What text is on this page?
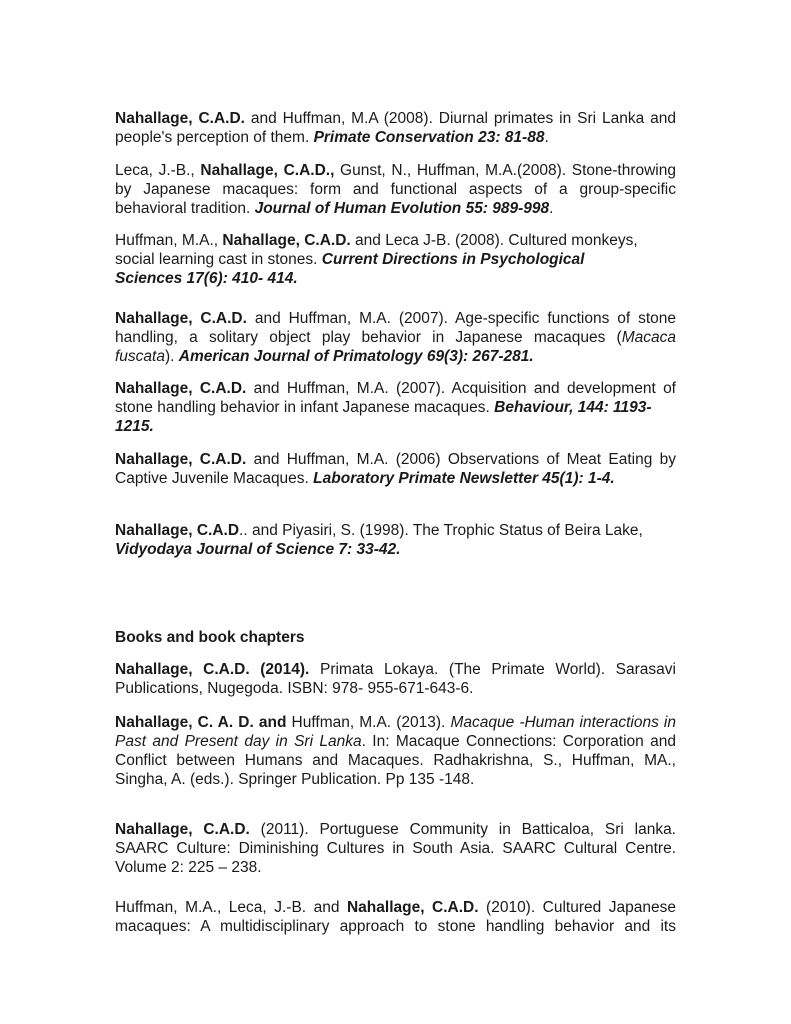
Nahallage, C.A.D. and Huffman, M.A (2008). Diurnal primates in Sri Lanka and people's perception of them. Primate Conservation 23: 81-88.

Leca, J.-B., Nahallage, C.A.D., Gunst, N., Huffman, M.A.(2008). Stone-throwing by Japanese macaques: form and functional aspects of a group-specific behavioral tradition. Journal of Human Evolution 55: 989-998.

Huffman, M.A., Nahallage, C.A.D. and Leca J-B. (2008). Cultured monkeys, social learning cast in stones. Current Directions in Psychological
Sciences 17(6): 410- 414.

Nahallage, C.A.D. and Huffman, M.A. (2007). Age-specific functions of stone handling, a solitary object play behavior in Japanese macaques (Macaca fuscata). American Journal of Primatology 69(3): 267-281.

Nahallage, C.A.D. and Huffman, M.A. (2007). Acquisition and development of stone handling behavior in infant Japanese macaques. Behaviour, 144: 1193-
1215.

Nahallage, C.A.D. and Huffman, M.A. (2006) Observations of Meat Eating by Captive Juvenile Macaques. Laboratory Primate Newsletter 45(1): 1-4.

Nahallage, C.A.D.. and Piyasiri, S. (1998). The Trophic Status of Beira Lake, Vidyodaya Journal of Science 7: 33-42.

Books and book chapters

Nahallage, C.A.D. (2014). Primata Lokaya. (The Primate World). Sarasavi Publications, Nugegoda. ISBN: 978- 955-671-643-6.

Nahallage, C. A. D. and Huffman, M.A. (2013). Macaque -Human interactions in Past and Present day in Sri Lanka. In: Macaque Connections: Corporation and Conflict between Humans and Macaques. Radhakrishna, S., Huffman, MA., Singha, A. (eds.). Springer Publication. Pp 135 -148.

Nahallage, C.A.D. (2011). Portuguese Community in Batticaloa, Sri lanka. SAARC Culture: Diminishing Cultures in South Asia. SAARC Cultural Centre. Volume 2: 225 – 238.

Huffman, M.A., Leca, J.-B. and Nahallage, C.A.D. (2010). Cultured Japanese macaques: A multidisciplinary approach to stone handling behavior and its
